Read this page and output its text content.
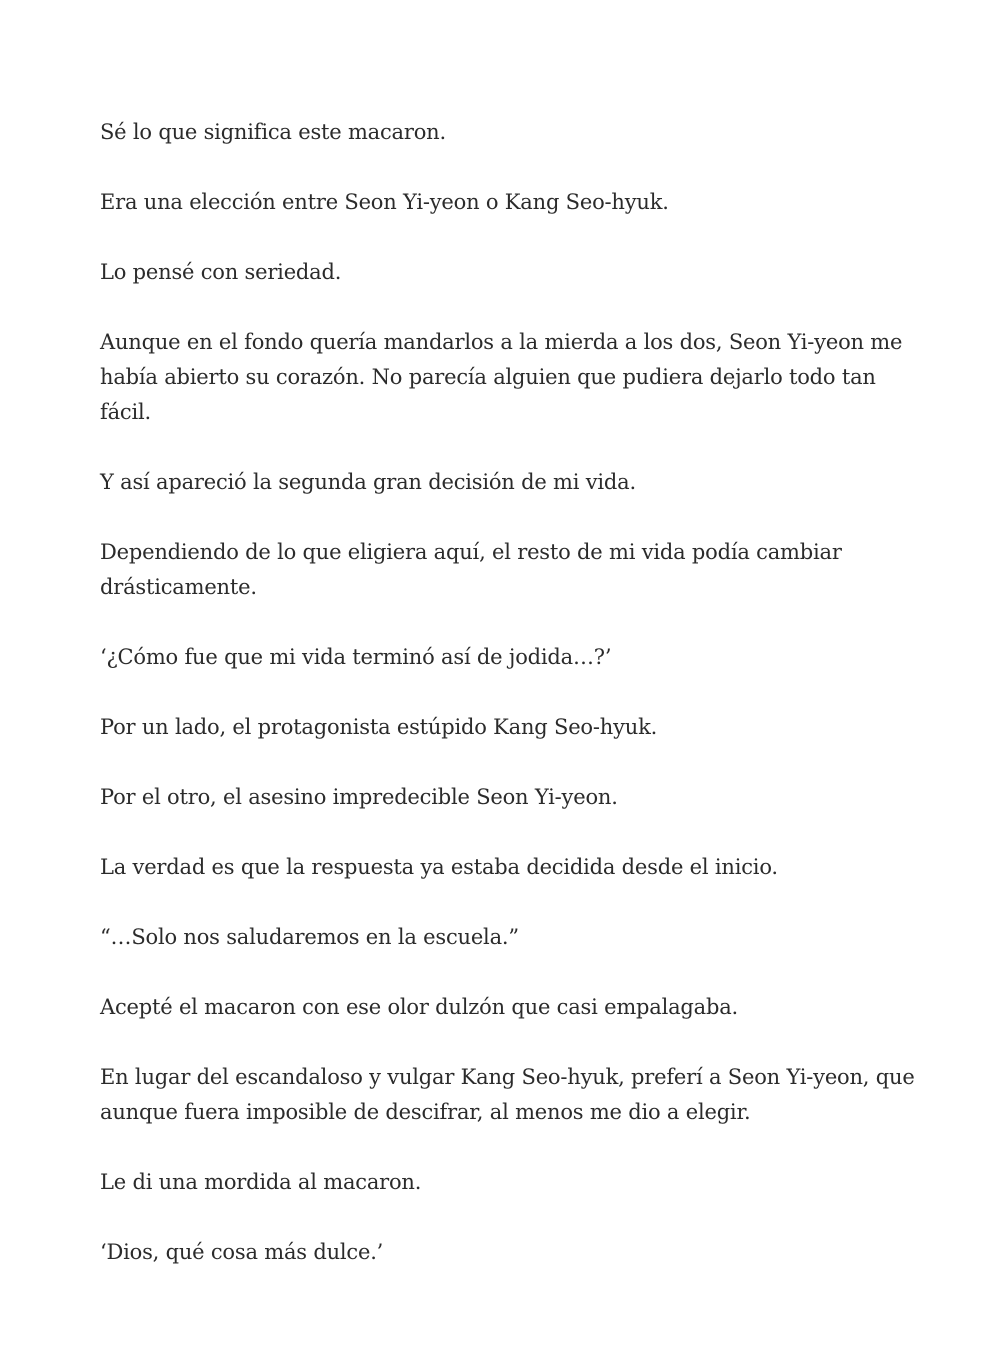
Sé lo que significa este macaron.

Era una elección entre Seon Yi-yeon o Kang Seo-hyuk.

Lo pensé con seriedad.

Aunque en el fondo quería mandarlos a la mierda a los dos, Seon Yi-yeon me había abierto su corazón. No parecía alguien que pudiera dejarlo todo tan fácil.

Y así apareció la segunda gran decisión de mi vida.

Dependiendo de lo que eligiera aquí, el resto de mi vida podía cambiar drásticamente.

‘¿Cómo fue que mi vida terminó así de jodida…?’

Por un lado, el protagonista estúpido Kang Seo-hyuk.

Por el otro, el asesino impredecible Seon Yi-yeon.

La verdad es que la respuesta ya estaba decidida desde el inicio.

“…Solo nos saludaremos en la escuela.”

Acepté el macaron con ese olor dulzón que casi empalagaba.

En lugar del escandaloso y vulgar Kang Seo-hyuk, preferí a Seon Yi-yeon, que aunque fuera imposible de descifrar, al menos me dio a elegir.

Le di una mordida al macaron.

‘Dios, qué cosa más dulce.’
